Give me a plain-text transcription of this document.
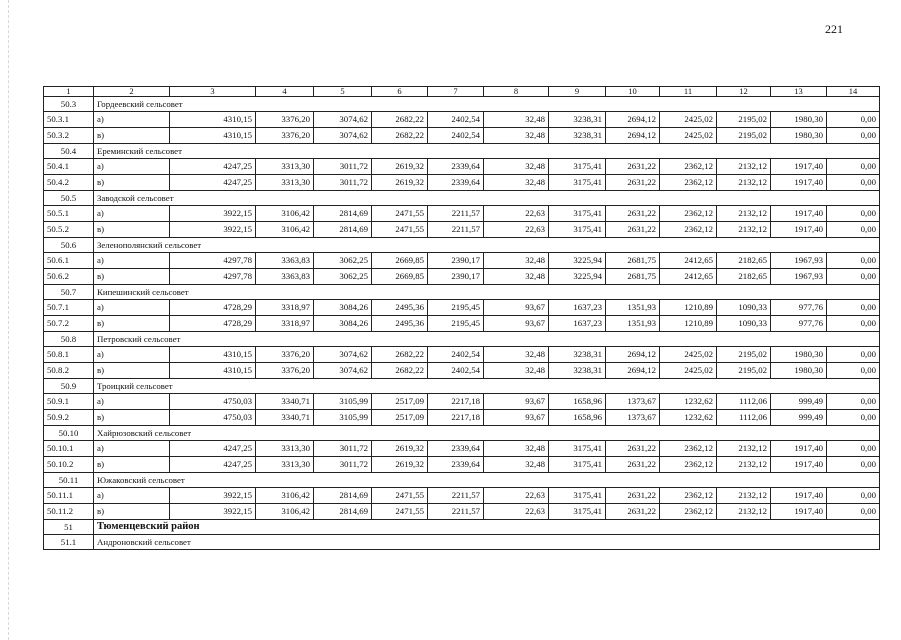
221
1	2	3	4	5	6	7	8	9	10	11	12	13	14
50.3	Гордеевский сельсовет												
50.3.1	а)	4310,15	3376,20	3074,62	2682,22	2402,54	32,48	3238,31	2694,12	2425,02	2195,02	1980,30	0,00
50.3.2	в)	4310,15	3376,20	3074,62	2682,22	2402,54	32,48	3238,31	2694,12	2425,02	2195,02	1980,30	0,00
50.4	Ереминский сельсовет												
50.4.1	а)	4247,25	3313,30	3011,72	2619,32	2339,64	32,48	3175,41	2631,22	2362,12	2132,12	1917,40	0,00
50.4.2	в)	4247,25	3313,30	3011,72	2619,32	2339,64	32,48	3175,41	2631,22	2362,12	2132,12	1917,40	0,00
50.5	Заводской сельсовет												
50.5.1	а)	3922,15	3106,42	2814,69	2471,55	2211,57	22,63	3175,41	2631,22	2362,12	2132,12	1917,40	0,00
50.5.2	в)	3922,15	3106,42	2814,69	2471,55	2211,57	22,63	3175,41	2631,22	2362,12	2132,12	1917,40	0,00
50.6	Зеленополянский сельсовет												
50.6.1	а)	4297,78	3363,83	3062,25	2669,85	2390,17	32,48	3225,94	2681,75	2412,65	2182,65	1967,93	0,00
50.6.2	в)	4297,78	3363,83	3062,25	2669,85	2390,17	32,48	3225,94	2681,75	2412,65	2182,65	1967,93	0,00
50.7	Кипешинский сельсовет												
50.7.1	а)	4728,29	3318,97	3084,26	2495,36	2195,45	93,67	1637,23	1351,93	1210,89	1090,33	977,76	0,00
50.7.2	в)	4728,29	3318,97	3084,26	2495,36	2195,45	93,67	1637,23	1351,93	1210,89	1090,33	977,76	0,00
50.8	Петровский сельсовет												
50.8.1	а)	4310,15	3376,20	3074,62	2682,22	2402,54	32,48	3238,31	2694,12	2425,02	2195,02	1980,30	0,00
50.8.2	в)	4310,15	3376,20	3074,62	2682,22	2402,54	32,48	3238,31	2694,12	2425,02	2195,02	1980,30	0,00
50.9	Троицкий сельсовет												
50.9.1	а)	4750,03	3340,71	3105,99	2517,09	2217,18	93,67	1658,96	1373,67	1232,62	1112,06	999,49	0,00
50.9.2	в)	4750,03	3340,71	3105,99	2517,09	2217,18	93,67	1658,96	1373,67	1232,62	1112,06	999,49	0,00
50.10	Хайрюзовский сельсовет												
50.10.1	а)	4247,25	3313,30	3011,72	2619,32	2339,64	32,48	3175,41	2631,22	2362,12	2132,12	1917,40	0,00
50.10.2	в)	4247,25	3313,30	3011,72	2619,32	2339,64	32,48	3175,41	2631,22	2362,12	2132,12	1917,40	0,00
50.11	Южаковский сельсовет												
50.11.1	а)	3922,15	3106,42	2814,69	2471,55	2211,57	22,63	3175,41	2631,22	2362,12	2132,12	1917,40	0,00
50.11.2	в)	3922,15	3106,42	2814,69	2471,55	2211,57	22,63	3175,41	2631,22	2362,12	2132,12	1917,40	0,00
51	Тюменцевский район												
51.1	Андроновский сельсовет												
